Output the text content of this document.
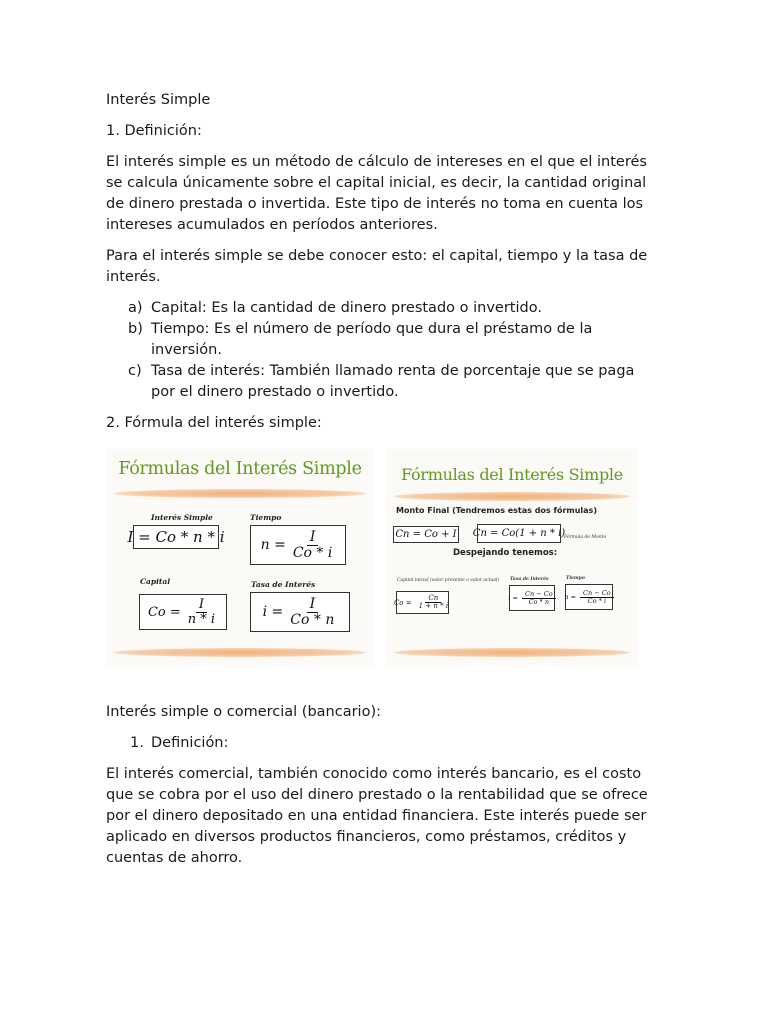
Interés Simple

1. Definición:

El interés simple es un método de cálculo de intereses en el que el interés se calcula únicamente sobre el capital inicial, es decir, la cantidad original de dinero prestada o invertida. Este tipo de interés no toma en cuenta los intereses acumulados en períodos anteriores.

Para el interés simple se debe conocer esto: el capital, tiempo y la tasa de interés.

a) Capital: Es la cantidad de dinero prestado o invertido.
b) Tiempo: Es el número de período que dura el préstamo de la inversión.
c) Tasa de interés: También llamado renta de porcentaje que se paga por el dinero prestado o invertido.

2. Fórmula del interés simple:

Fórmulas del Interés Simple
Interés Simple
I = Co * n * i
Tiempo
$n = \frac{I}{Co * i}$
Capital
$Co = \frac{I}{n * i}$
Tasa de Interés
$i = \frac{I}{Co * n}$
Fórmulas del Interés Simple
Monto Final (Tendremos estas dos fórmulas)
Cn = Co + I Cn = Co(1 + n * i)
Fórmula de Monto
Despejando tenemos:
Capital inicial (valor presente o valor actual)
$Co = \frac{Cn}{1 + n * i}$
Tasa de Interés
$i = \frac{Cn - Co}{Co * n}$
Tiempo
$n = \frac{Cn - Co}{Co * i}$

Interés simple o comercial (bancario):

1. Definición:

El interés comercial, también conocido como interés bancario, es el costo que se cobra por el uso del dinero prestado o la rentabilidad que se ofrece por el dinero depositado en una entidad financiera. Este interés puede ser aplicado en diversos productos financieros, como préstamos, créditos y cuentas de ahorro.
